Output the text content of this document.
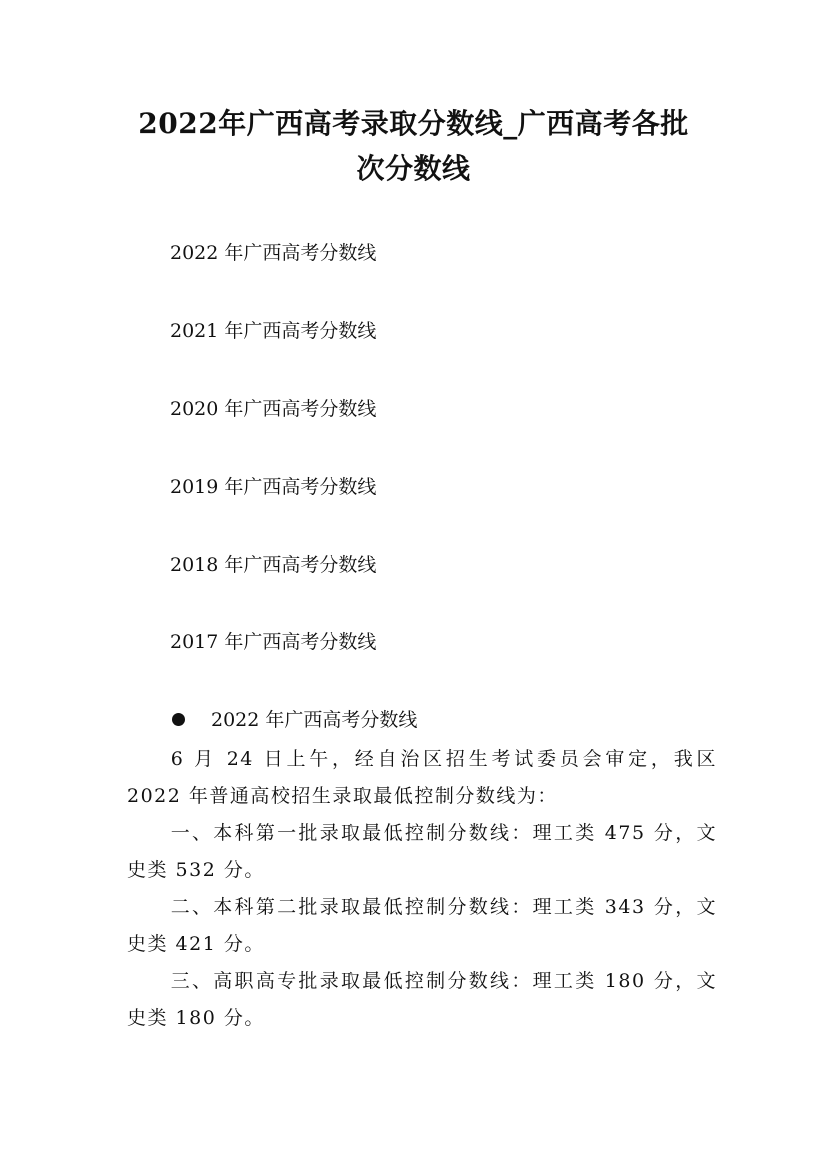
2022年广西高考录取分数线_广西高考各批
次分数线
2022 年广西高考分数线
2021 年广西高考分数线
2020 年广西高考分数线
2019 年广西高考分数线
2018 年广西高考分数线
2017 年广西高考分数线
2022 年广西高考分数线

6 月 24 日上午，经自治区招生考试委员会审定，我区 2022 年普通高校招生录取最低控制分数线为：

一、本科第一批录取最低控制分数线：理工类 475 分，文史类 532 分。

二、本科第二批录取最低控制分数线：理工类 343 分，文史类 421 分。

三、高职高专批录取最低控制分数线：理工类 180 分，文史类 180 分。
